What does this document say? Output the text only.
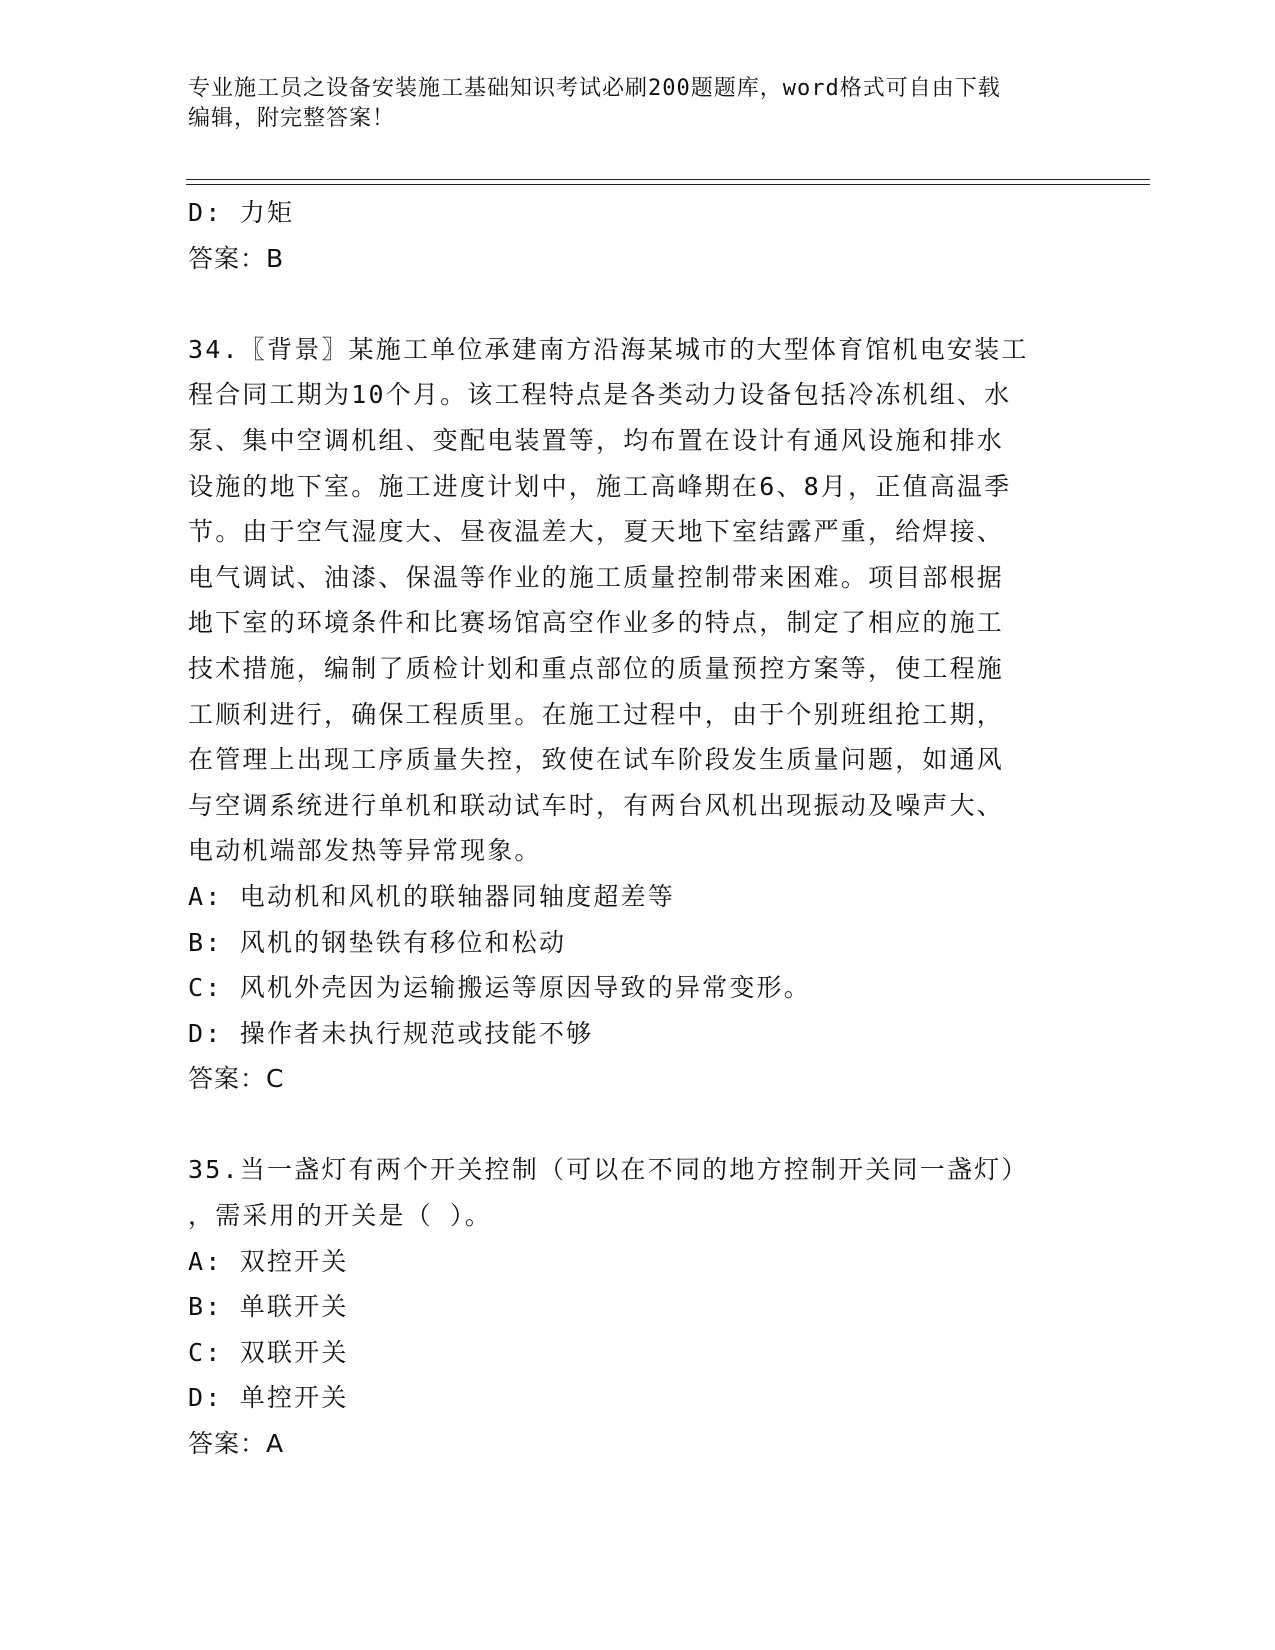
专业施工员之设备安装施工基础知识考试必刷200题题库，word格式可自由下载
编辑，附完整答案！
D: 力矩
答案：B
34.〖背景〗某施工单位承建南方沿海某城市的大型体育馆机电安装工
程合同工期为10个月。该工程特点是各类动力设备包括冷冻机组、水
泵、集中空调机组、变配电装置等，均布置在设计有通风设施和排水
设施的地下室。施工进度计划中，施工高峰期在6、8月，正值高温季
节。由于空气湿度大、昼夜温差大，夏天地下室结露严重，给焊接、
电气调试、油漆、保温等作业的施工质量控制带来困难。项目部根据
地下室的环境条件和比赛场馆高空作业多的特点，制定了相应的施工
技术措施，编制了质检计划和重点部位的质量预控方案等，使工程施
工顺利进行，确保工程质里。在施工过程中，由于个别班组抢工期，
在管理上出现工序质量失控，致使在试车阶段发生质量问题，如通风
与空调系统进行单机和联动试车时，有两台风机出现振动及噪声大、
电动机端部发热等异常现象。
A: 电动机和风机的联轴器同轴度超差等
B: 风机的钢垫铁有移位和松动
C: 风机外壳因为运输搬运等原因导致的异常变形。
D: 操作者未执行规范或技能不够
答案：C
35.当一盏灯有两个开关控制（可以在不同的地方控制开关同一盏灯）
，需采用的开关是（ ）。
A: 双控开关
B: 单联开关
C: 双联开关
D: 单控开关
答案：A
